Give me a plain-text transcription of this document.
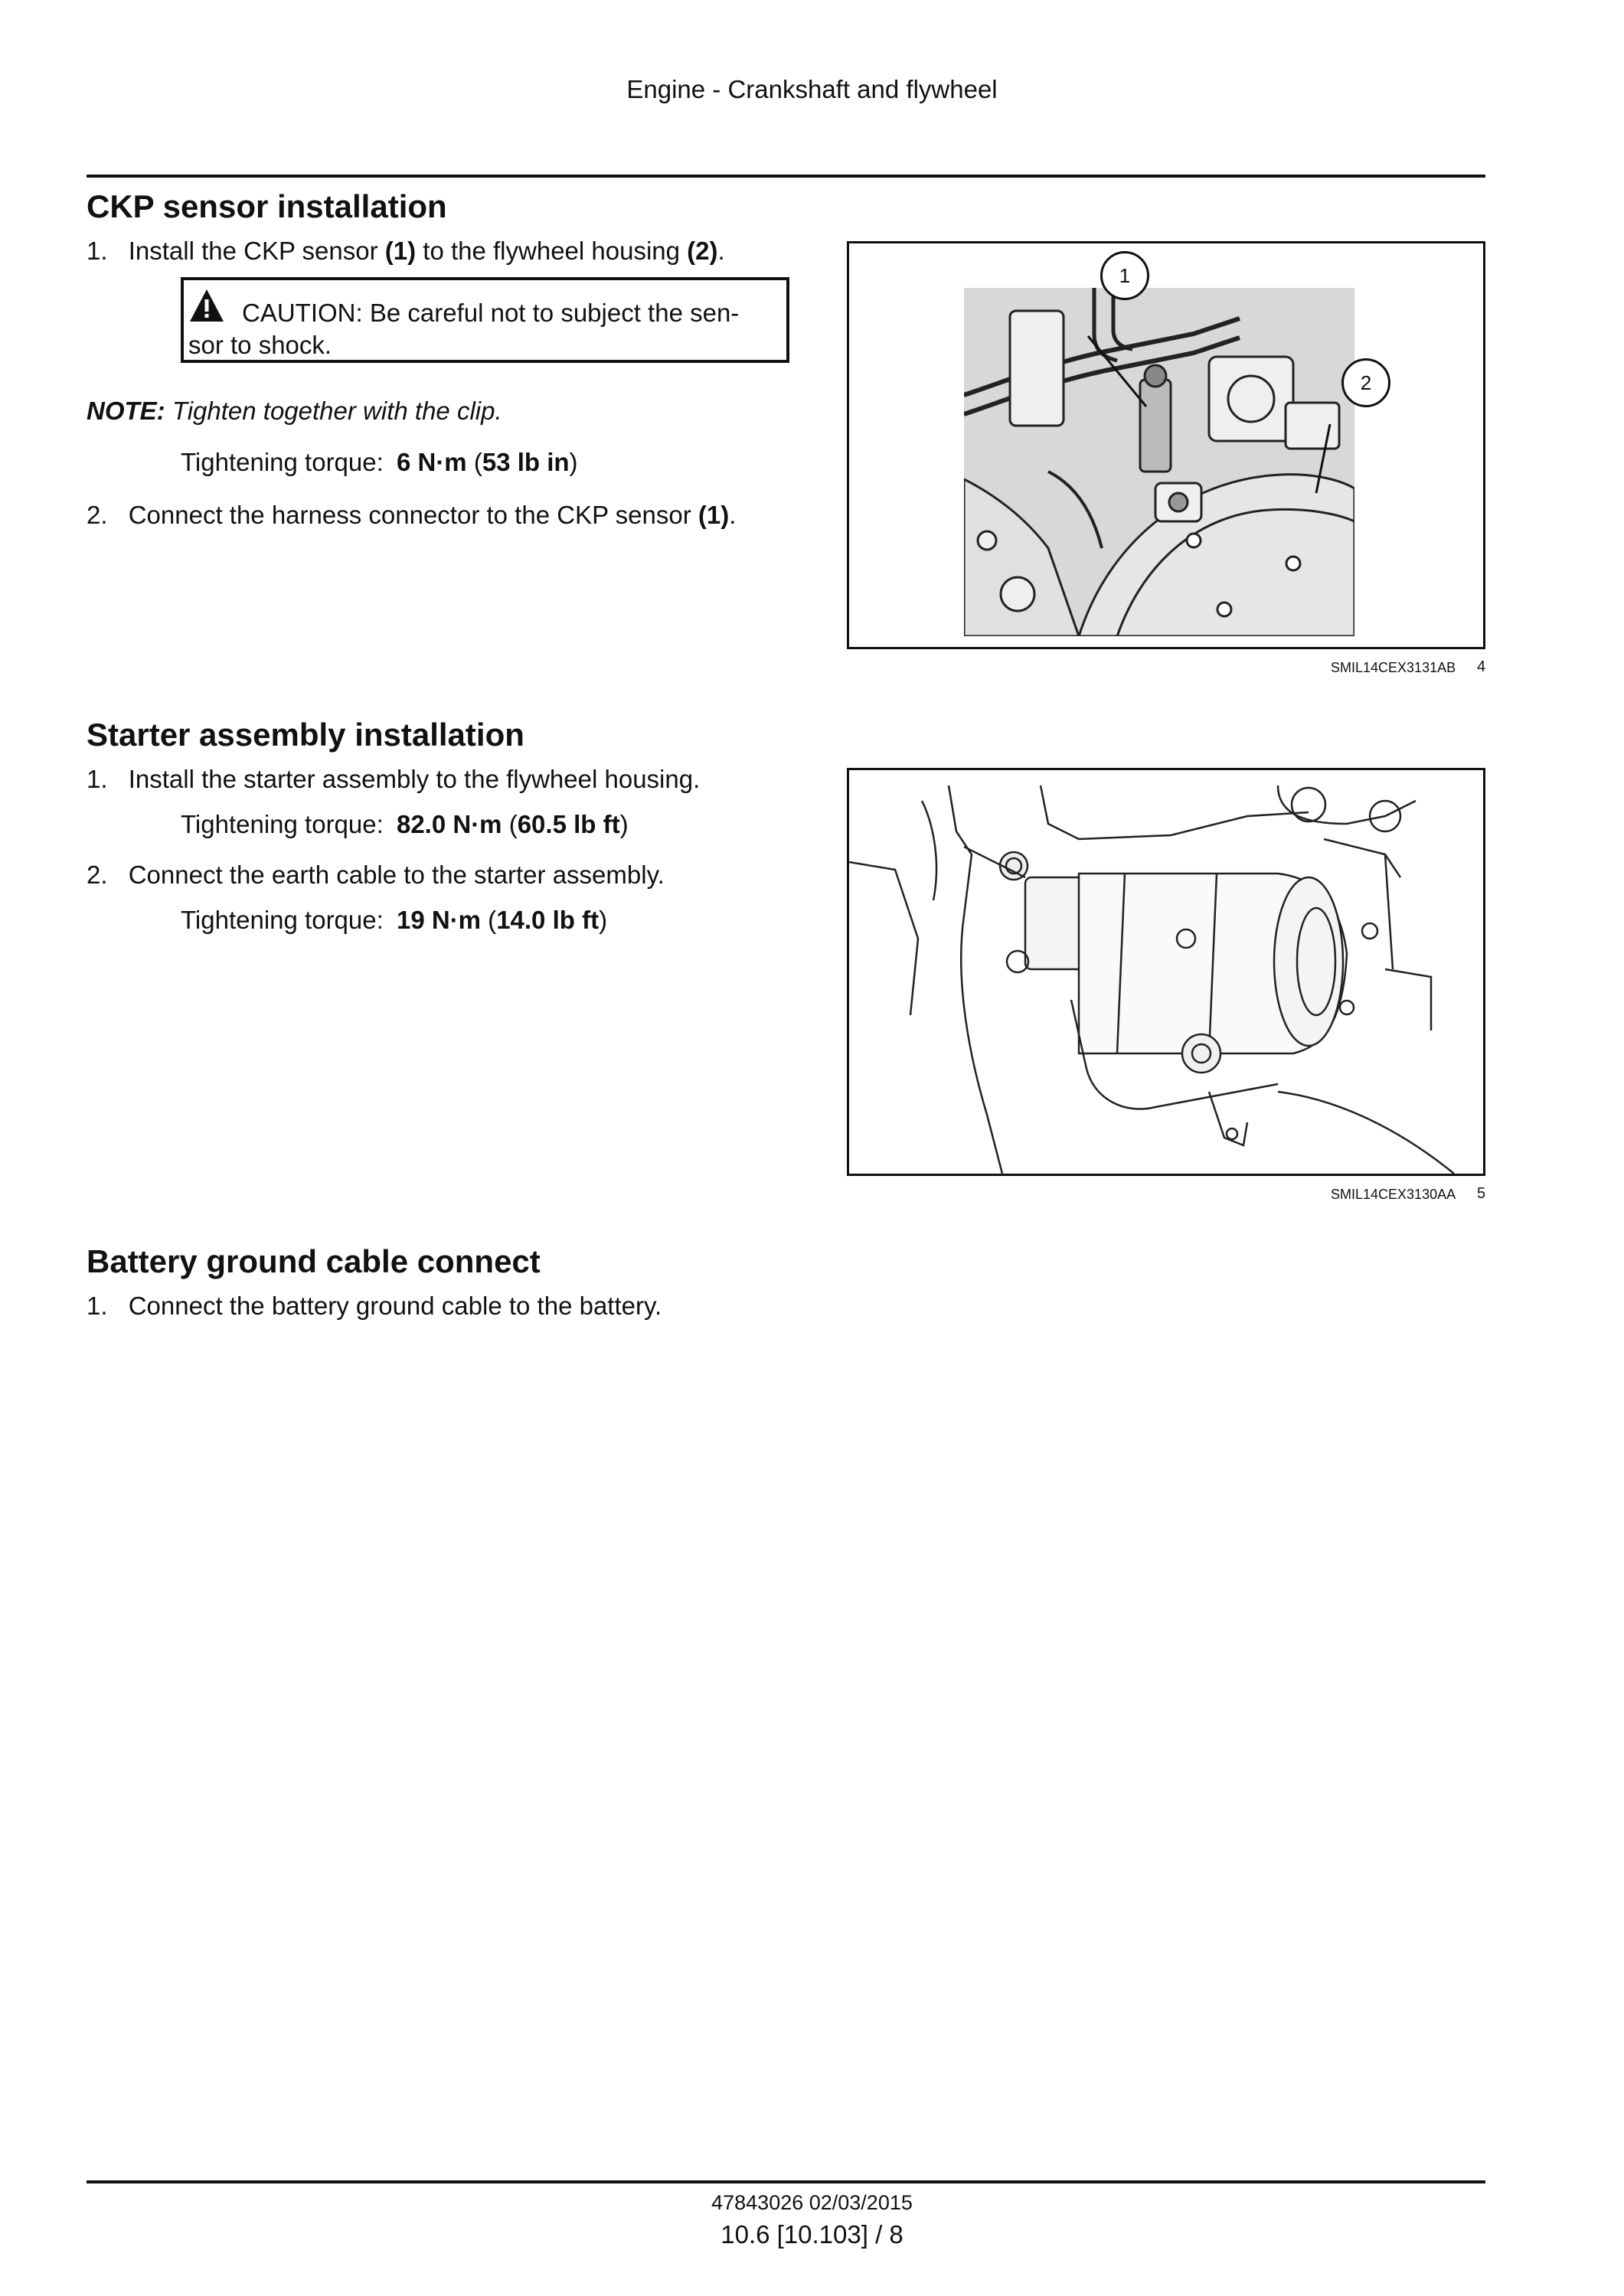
Engine - Crankshaft and flywheel
CKP sensor installation
1. Install the CKP sensor (1) to the flywheel housing (2).
CAUTION: Be careful not to subject the sen-
sor to shock.
NOTE: Tighten together with the clip.
Tightening torque: 6 N·m (53 lb in)
2. Connect the harness connector to the CKP sensor (1).
1
2
SMIL14CEX3131AB 4
Starter assembly installation
1. Install the starter assembly to the flywheel housing.
Tightening torque: 82.0 N·m (60.5 lb ft)
2. Connect the earth cable to the starter assembly.
Tightening torque: 19 N·m (14.0 lb ft)
SMIL14CEX3130AA 5
Battery ground cable connect
1. Connect the battery ground cable to the battery.
47843026 02/03/2015
10.6 [10.103] / 8
